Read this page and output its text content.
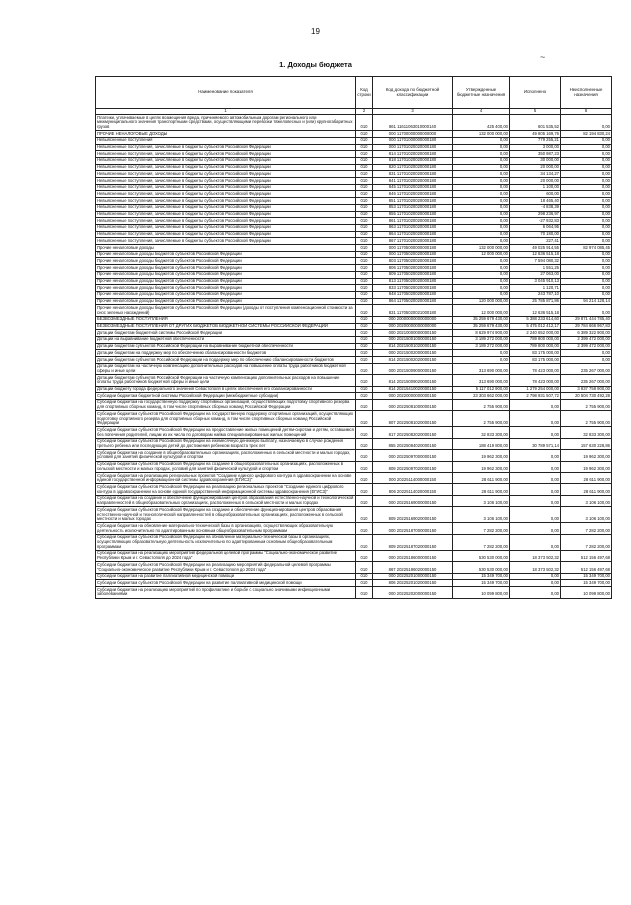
19
~
1. Доходы бюджета
Наименование показателя	Код строки	Код дохода по бюджетной классификации	Утвержденные бюджетные назначения	Исполнено	Неисполненные назначения
1	2	3	4	5	6
Платежи, уплачиваемые в целях возмещения вреда, причиняемого автомобильным дорогам регионального или межмуниципального значения транспортными средствами, осуществляющими перевозки тяжеловесных и (или) крупногабаритных грузов	010	861 11611063010000140	425 400,00	601 535,52	0,00
ПРОЧИЕ НЕНАЛОГОВЫЕ ДОХОДЫ	010	000 11700000000000000	132 000 000,00	49 805 169,76	82 194 830,24
Невыясненные поступления	010	000 11701000000000180	0,00	779 255,21	0,00
Невыясненные поступления, зачисляемые в бюджеты субъектов Российской Федерации	010	000 11701020020000180	0,00	3 000,00	0,00
Невыясненные поступления, зачисляемые в бюджеты субъектов Российской Федерации	010	814 11701020020000180	0,00	350 987,23	0,00
Невыясненные поступления, зачисляемые в бюджеты субъектов Российской Федерации	010	818 11701020020000180	0,00	30 000,00	0,00
Невыясненные поступления, зачисляемые в бюджеты субъектов Российской Федерации	010	820 11701020020000180	0,00	20 000,00	0,00
Невыясненные поступления, зачисляемые в бюджеты субъектов Российской Федерации	010	831 11701020020000180	0,00	34 134,27	0,00
Невыясненные поступления, зачисляемые в бюджеты субъектов Российской Федерации	010	841 11701020020000180	0,00	20 000,00	0,00
Невыясненные поступления, зачисляемые в бюджеты субъектов Российской Федерации	010	845 11701020020000180	0,00	1 100,00	0,00
Невыясненные поступления, зачисляемые в бюджеты субъектов Российской Федерации	010	846 11701020020000180	0,00	600,00	0,00
Невыясненные поступления, зачисляемые в бюджеты субъектов Российской Федерации	010	851 11701020020000180	0,00	18 465,40	0,00
Невыясненные поступления, зачисляемые в бюджеты субъектов Российской Федерации	010	853 11701020020000180	0,00	-4 838,39	0,00
Невыясненные поступления, зачисляемые в бюджеты субъектов Российской Федерации	010	855 11701020020000180	0,00	298 236,97	0,00
Невыясненные поступления, зачисляемые в бюджеты субъектов Российской Федерации	010	861 11701020020000180	0,00	-27 932,83	0,00
Невыясненные поступления, зачисляемые в бюджеты субъектов Российской Федерации	010	863 11701020020000180	0,00	6 064,95	0,00
Невыясненные поступления, зачисляемые в бюджеты субъектов Российской Федерации	010	864 11701020020000180	0,00	70 180,00	0,00
Невыясненные поступления, зачисляемые в бюджеты субъектов Российской Федерации	010	867 11701020020000180	0,00	227,41	0,00
Прочие неналоговые доходы	010	000 11705000000000180	132 000 000,00	49 025 914,55	82 974 085,45
Прочие неналоговые доходы бюджетов субъектов Российской Федерации	010	000 11705020020000180	12 000 000,00	12 636 515,18	0,00
Прочие неналоговые доходы бюджетов субъектов Российской Федерации	010	803 11705020020000180	0,00	7 594 080,32	0,00
Прочие неналоговые доходы бюджетов субъектов Российской Федерации	010	806 11705020020000180	0,00	1 551,25	0,00
Прочие неналоговые доходы бюджетов субъектов Российской Федерации	010	809 11705020020000180	0,00	27 063,00	0,00
Прочие неналоговые доходы бюджетов субъектов Российской Федерации	010	813 11705020020000180	0,00	3 045 910,13	0,00
Прочие неналоговые доходы бюджетов субъектов Российской Федерации	010	833 11705020020000180	0,00	1 120,71	0,00
Прочие неналоговые доходы бюджетов субъектов Российской Федерации	010	848 11705020020000180	0,00	243 787,10	0,00
Прочие неналоговые доходы бюджетов субъектов Российской Федерации	010	864 11705020020000180	120 000 000,00	25 785 871,86	94 214 128,14
Прочие неналоговые доходы бюджетов субъектов Российской Федерации (доходы от поступления компенсационной стоимости за снос зеленых насаждений)	010	831 11705020021000180	12 000 000,00	12 636 515,18	0,00
БЕЗВОЗМЕЗДНЫЕ ПОСТУПЛЕНИЯ	010	000 20000000000000000	35 259 679 430,00	5 388 233 614,60	29 871 444 785,40
БЕЗВОЗМЕЗДНЫЕ ПОСТУПЛЕНИЯ ОТ ДРУГИХ БЮДЖЕТОВ БЮДЖЕТНОЙ СИСТЕМЫ РОССИЙСКОЙ ФЕДЕРАЦИИ	010	000 20200000000000000	35 259 679 430,00	5 475 012 412,17	29 784 666 967,83
Дотации бюджетам бюджетной системы Российской Федерации	010	000 20210000000000150	8 629 974 900,00	2 240 652 000,00	6 389 322 900,00
Дотации на выравнивание бюджетной обеспеченности	010	000 20215001000000150	3 189 272 000,00	789 800 000,00	2 399 472 000,00
Дотации бюджетам субъектов Российской Федерации на выравнивание бюджетной обеспеченности	010	814 20215001020000150	3 189 272 000,00	789 800 000,00	2 399 472 000,00
Дотации бюджетам на поддержку мер по обеспечению сбалансированности бюджетов	010	000 20215002000000150	0,00	83 175 000,00	0,00
Дотации бюджетам субъектов Российской Федерации на поддержку мер по обеспечению сбалансированности бюджетов	010	814 20215002020000150	0,00	83 175 000,00	0,00
Дотации бюджетам на частичную компенсацию дополнительных расходов на повышение оплаты труда работников бюджетной сферы и иные цели	010	000 20215009000000150	313 690 000,00	78 423 000,00	235 267 000,00
Дотации бюджетам субъектов Российской Федерации на частичную компенсацию дополнительных расходов на повышение оплаты труда работников бюджетной сферы и иные цели	010	814 20215009020000150	313 690 000,00	78 423 000,00	235 267 000,00
Дотации бюджету города федерального значения Севастополя в целях обеспечения его сбалансированности	010	814 20215410020000150	5 117 012 900,00	1 279 254 000,00	3 837 758 900,00
Субсидии бюджетам бюджетной системы Российской Федерации (межбюджетные субсидии)	010	000 20220000000000150	23 303 662 000,00	2 798 931 507,72	20 504 730 492,28
Субсидии бюджетам на государственную поддержку спортивных организаций, осуществляющих подготовку спортивного резерва для спортивных сборных команд, в том числе спортивных сборных команд Российской Федерации	010	000 20225081000000150	2 755 900,00	0,00	2 755 900,00
Субсидии бюджетам субъектов Российской Федерации на государственную поддержку спортивных организаций, осуществляющих подготовку спортивного резерва для спортивных сборных команд, в том числе спортивных сборных команд Российской Федерации	010	807 20225081020000150	2 755 900,00	0,00	2 755 900,00
Субсидии бюджетам субъектов Российской Федерации на предоставление жилых помещений детям-сиротам и детям, оставшимся без попечения родителей, лицам из их числа по договорам найма специализированных жилых помещений	010	817 20225082020000150	32 833 300,00	0,00	32 833 300,00
Субсидии бюджетам субъектов Российской Федерации на ежемесячную денежную выплату, назначаемую в случае рождения третьего ребенка или последующих детей до достижения ребенком возраста трех лет	010	855 20225084020000150	188 419 800,00	30 789 571,14	157 630 228,86
Субсидии бюджетам на создание в общеобразовательных организациях, расположенных в сельской местности и малых городах, условий для занятий физической культурой и спортом	010	000 20225097000000150	19 962 300,00	0,00	19 962 300,00
Субсидии бюджетам субъектов Российской Федерации на создание в общеобразовательных организациях, расположенных в сельской местности и малых городах, условий для занятий физической культурой и спортом	010	809 20225097020000150	19 962 300,00	0,00	19 962 300,00
Субсидии бюджетам на реализацию региональных проектов "Создание единого цифрового контура в здравоохранении на основе единой государственной информационной системы здравоохранения (ЕГИСЗ)"	010	000 20225114000000150	28 611 900,00	0,00	28 611 900,00
Субсидии бюджетам субъектов Российской Федерации на реализацию региональных проектов "Создание единого цифрового контура в здравоохранении на основе единой государственной информационной системы здравоохранения (ЕГИСЗ)"	010	806 20225114020000150	28 611 900,00	0,00	28 611 900,00
Субсидии бюджетам на создание и обеспечение функционирования центров образования естественно-научной и технологической направленностей в общеобразовательных организациях, расположенных в сельской местности и малых городах	010	000 20225169000000150	3 106 100,00	0,00	3 106 100,00
Субсидии бюджетам субъектов Российской Федерации на создание и обеспечение функционирования центров образования естественно-научной и технологической направленностей в общеобразовательных организациях, расположенных в сельской местности и малых городах	010	809 20225169020000150	3 106 100,00	0,00	3 106 100,00
Субсидии бюджетам на обновление материально-технической базы в организациях, осуществляющих образовательную деятельность исключительно по адаптированным основным общеобразовательным программам	010	000 20225187000000150	7 282 200,00	0,00	7 282 200,00
Субсидии бюджетам субъектов Российской Федерации на обновление материально-технической базы в организациях, осуществляющих образовательную деятельность исключительно по адаптированным основным общеобразовательным программам	010	809 20225187020000150	7 282 200,00	0,00	7 282 200,00
Субсидии бюджетам на реализацию мероприятий федеральной целевой программы "Социально-экономическое развитие Республики Крым и г. Севастополя до 2024 года"	010	000 20225186000000150	530 530 000,00	18 373 502,32	512 156 497,68
Субсидии бюджетам субъектов Российской Федерации на реализацию мероприятий федеральной целевой программы "Социально-экономическое развитие Республики Крым и г. Севастополя до 2024 года"	010	867 20225186020000150	530 530 000,00	18 373 502,32	512 156 497,68
Субсидии бюджетам на развитие паллиативной медицинской помощи	010	000 20225201000000150	15 349 700,00	0,00	15 349 700,00
Субсидии бюджетам субъектов Российской Федерации на развитие паллиативной медицинской помощи	010	806 20225201020000150	15 349 700,00	0,00	15 349 700,00
Субсидии бюджетам на реализацию мероприятий по профилактике и борьбе с социально значимыми инфекционными заболеваниями	010	000 20225202000000150	10 099 800,00	0,00	10 099 800,00
